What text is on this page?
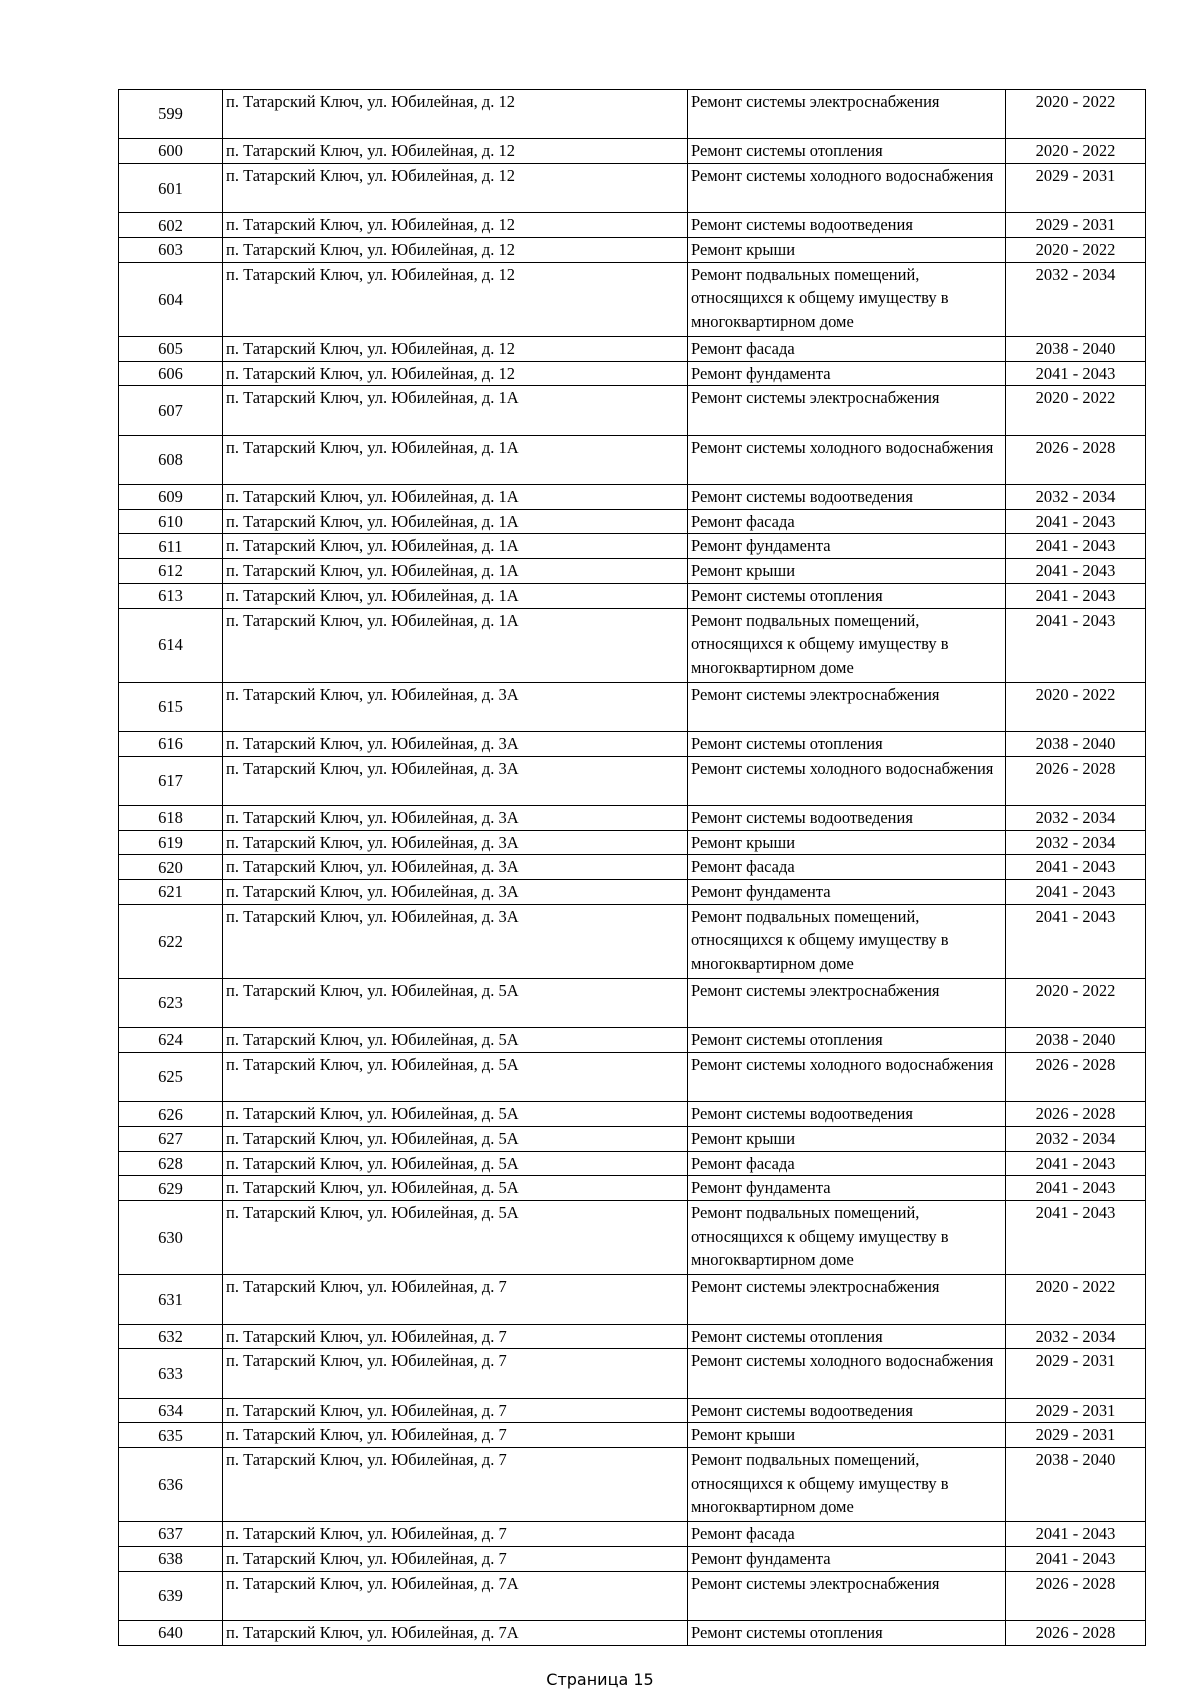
599	п. Татарский Ключ, ул. Юбилейная, д. 12	Ремонт системы электроснабжения	2020 - 2022
600	п. Татарский Ключ, ул. Юбилейная, д. 12	Ремонт системы отопления	2020 - 2022
601	п. Татарский Ключ, ул. Юбилейная, д. 12	Ремонт системы холодного водоснабжения	2029 - 2031
602	п. Татарский Ключ, ул. Юбилейная, д. 12	Ремонт системы водоотведения	2029 - 2031
603	п. Татарский Ключ, ул. Юбилейная, д. 12	Ремонт крыши	2020 - 2022
604	п. Татарский Ключ, ул. Юбилейная, д. 12	Ремонт подвальных помещений, относящихся к общему имуществу в многоквартирном доме	2032 - 2034
605	п. Татарский Ключ, ул. Юбилейная, д. 12	Ремонт фасада	2038 - 2040
606	п. Татарский Ключ, ул. Юбилейная, д. 12	Ремонт фундамента	2041 - 2043
607	п. Татарский Ключ, ул. Юбилейная, д. 1А	Ремонт системы электроснабжения	2020 - 2022
608	п. Татарский Ключ, ул. Юбилейная, д. 1А	Ремонт системы холодного водоснабжения	2026 - 2028
609	п. Татарский Ключ, ул. Юбилейная, д. 1А	Ремонт системы водоотведения	2032 - 2034
610	п. Татарский Ключ, ул. Юбилейная, д. 1А	Ремонт фасада	2041 - 2043
611	п. Татарский Ключ, ул. Юбилейная, д. 1А	Ремонт фундамента	2041 - 2043
612	п. Татарский Ключ, ул. Юбилейная, д. 1А	Ремонт крыши	2041 - 2043
613	п. Татарский Ключ, ул. Юбилейная, д. 1А	Ремонт системы отопления	2041 - 2043
614	п. Татарский Ключ, ул. Юбилейная, д. 1А	Ремонт подвальных помещений, относящихся к общему имуществу в многоквартирном доме	2041 - 2043
615	п. Татарский Ключ, ул. Юбилейная, д. 3А	Ремонт системы электроснабжения	2020 - 2022
616	п. Татарский Ключ, ул. Юбилейная, д. 3А	Ремонт системы отопления	2038 - 2040
617	п. Татарский Ключ, ул. Юбилейная, д. 3А	Ремонт системы холодного водоснабжения	2026 - 2028
618	п. Татарский Ключ, ул. Юбилейная, д. 3А	Ремонт системы водоотведения	2032 - 2034
619	п. Татарский Ключ, ул. Юбилейная, д. 3А	Ремонт крыши	2032 - 2034
620	п. Татарский Ключ, ул. Юбилейная, д. 3А	Ремонт фасада	2041 - 2043
621	п. Татарский Ключ, ул. Юбилейная, д. 3А	Ремонт фундамента	2041 - 2043
622	п. Татарский Ключ, ул. Юбилейная, д. 3А	Ремонт подвальных помещений, относящихся к общему имуществу в многоквартирном доме	2041 - 2043
623	п. Татарский Ключ, ул. Юбилейная, д. 5А	Ремонт системы электроснабжения	2020 - 2022
624	п. Татарский Ключ, ул. Юбилейная, д. 5А	Ремонт системы отопления	2038 - 2040
625	п. Татарский Ключ, ул. Юбилейная, д. 5А	Ремонт системы холодного водоснабжения	2026 - 2028
626	п. Татарский Ключ, ул. Юбилейная, д. 5А	Ремонт системы водоотведения	2026 - 2028
627	п. Татарский Ключ, ул. Юбилейная, д. 5А	Ремонт крыши	2032 - 2034
628	п. Татарский Ключ, ул. Юбилейная, д. 5А	Ремонт фасада	2041 - 2043
629	п. Татарский Ключ, ул. Юбилейная, д. 5А	Ремонт фундамента	2041 - 2043
630	п. Татарский Ключ, ул. Юбилейная, д. 5А	Ремонт подвальных помещений, относящихся к общему имуществу в многоквартирном доме	2041 - 2043
631	п. Татарский Ключ, ул. Юбилейная, д. 7	Ремонт системы электроснабжения	2020 - 2022
632	п. Татарский Ключ, ул. Юбилейная, д. 7	Ремонт системы отопления	2032 - 2034
633	п. Татарский Ключ, ул. Юбилейная, д. 7	Ремонт системы холодного водоснабжения	2029 - 2031
634	п. Татарский Ключ, ул. Юбилейная, д. 7	Ремонт системы водоотведения	2029 - 2031
635	п. Татарский Ключ, ул. Юбилейная, д. 7	Ремонт крыши	2029 - 2031
636	п. Татарский Ключ, ул. Юбилейная, д. 7	Ремонт подвальных помещений, относящихся к общему имуществу в многоквартирном доме	2038 - 2040
637	п. Татарский Ключ, ул. Юбилейная, д. 7	Ремонт фасада	2041 - 2043
638	п. Татарский Ключ, ул. Юбилейная, д. 7	Ремонт фундамента	2041 - 2043
639	п. Татарский Ключ, ул. Юбилейная, д. 7А	Ремонт системы электроснабжения	2026 - 2028
640	п. Татарский Ключ, ул. Юбилейная, д. 7А	Ремонт системы отопления	2026 - 2028
Страница 15
